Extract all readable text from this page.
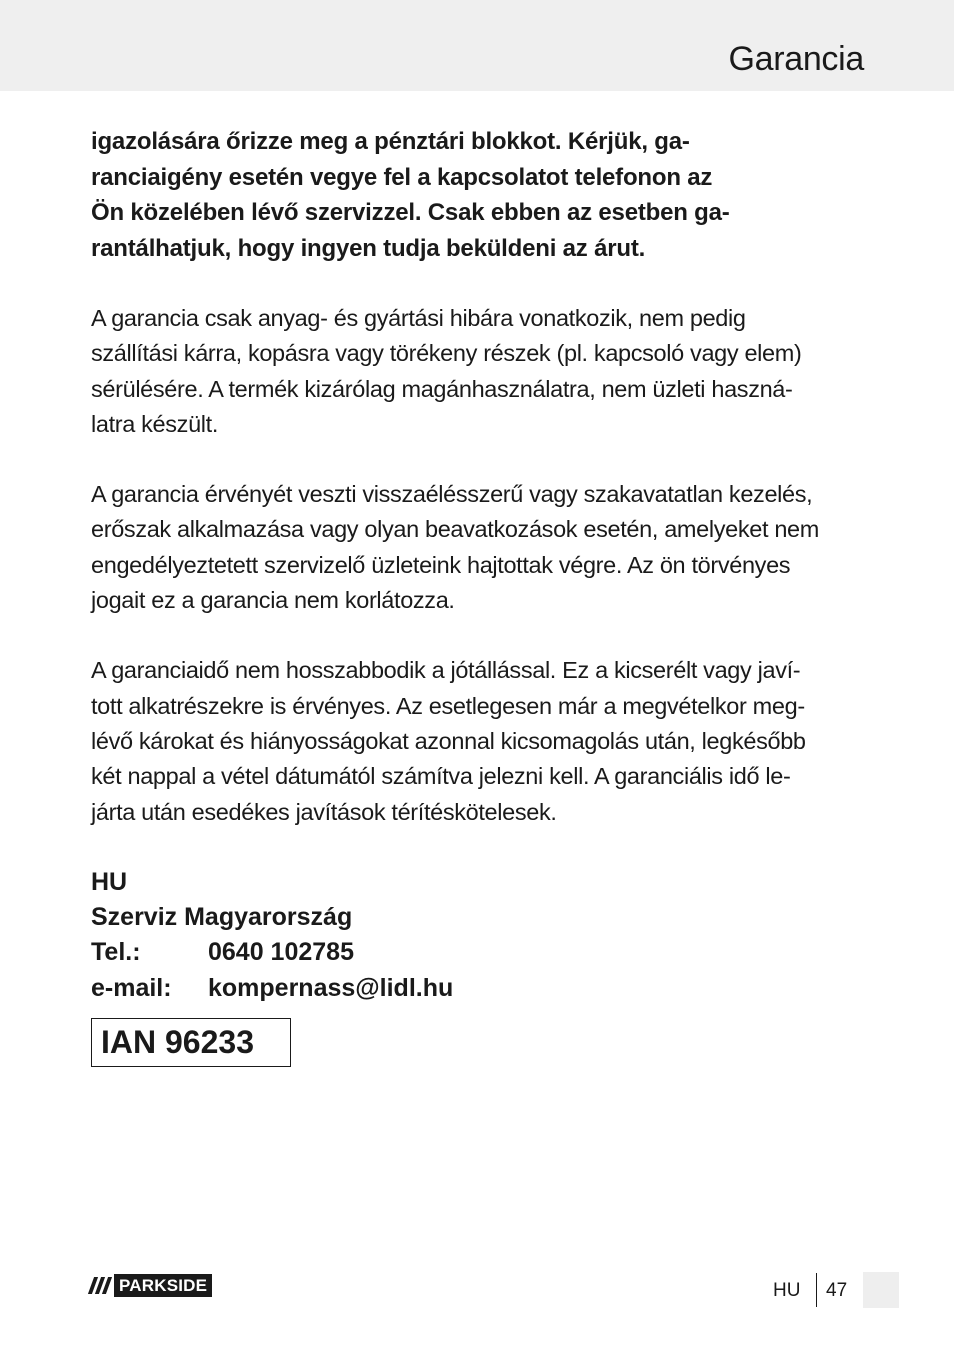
Garancia

igazolására őrizze meg a pénztári blokkot. Kérjük, ga-
ranciaigény esetén vegye fel a kapcsolatot telefonon az
Ön közelében lévő szervizzel. Csak ebben az esetben ga-
rantálhatjuk, hogy ingyen tudja beküldeni az árut.

A garancia csak anyag- és gyártási hibára vonatkozik, nem pedig
szállítási kárra, kopásra vagy törékeny részek (pl. kapcsoló vagy elem)
sérülésére. A termék kizárólag magánhasználatra, nem üzleti haszná-
latra készült.

A garancia érvényét veszti visszaélésszerű vagy szakavatatlan kezelés,
erőszak alkalmazása vagy olyan beavatkozások esetén, amelyeket nem
engedélyeztetett szervizelő üzleteink hajtottak végre. Az ön törvényes
jogait ez a garancia nem korlátozza.

A garanciaidő nem hosszabbodik a jótállással. Ez a kicserélt vagy javí-
tott alkatrészekre is érvényes. Az esetlegesen már a megvételkor meg-
lévő károkat és hiányosságokat azonnal kicsomagolás után, legkésőbb
két nappal a vétel dátumától számítva jelezni kell. A garanciális idő le-
járta után esedékes javítások térítéskötelesek.

HU
Szerviz Magyarország
Tel.:	0640 102785
e-mail:	kompernass@lidl.hu
IAN 96233
PARKSIDE	HU 47
